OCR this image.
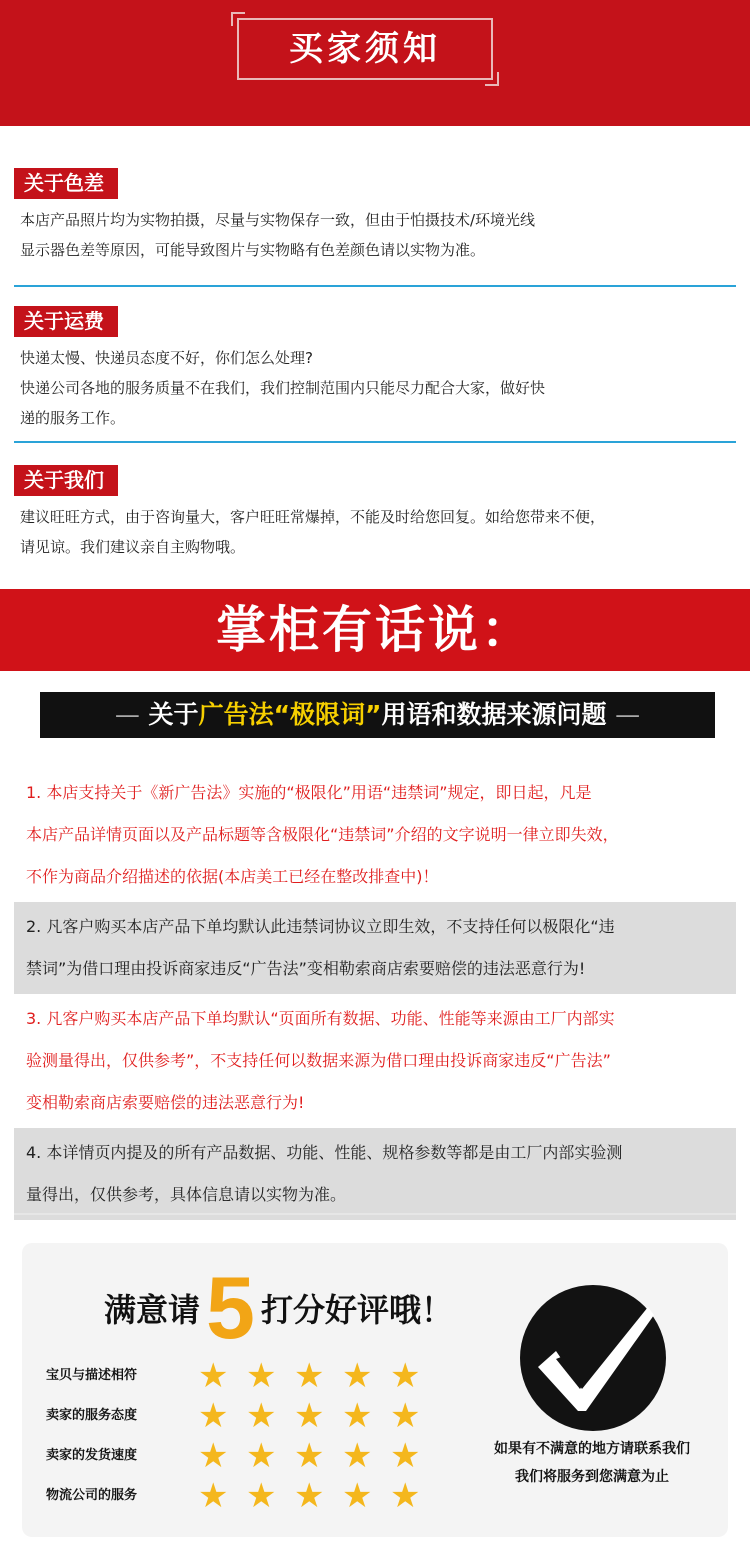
买家须知
关于色差
本店产品照片均为实物拍摄，尽量与实物保存一致，但由于怕摄技术/环境光线
显示器色差等原因，可能导致图片与实物略有色差颜色请以实物为准。
关于运费
快递太慢、快递员态度不好，你们怎么处理?
快递公司各地的服务质量不在我们，我们控制范围内只能尽力配合大家，做好快
递的服务工作。
关于我们
建议旺旺方式，由于咨询量大，客户旺旺常爆掉，不能及时给您回复。如给您带来不便，
请见谅。我们建议亲自主购物哦。
掌柜有话说：
— 关于广告法“极限词”用语和数据来源问题 —
1. 本店支持关于《新广告法》实施的“极限化”用语“违禁词”规定，即日起，凡是
本店产品详情页面以及产品标题等含极限化“违禁词”介绍的文字说明一律立即失效，
不作为商品介绍描述的依据(本店美工已经在整改排查中)！
2. 凡客户购买本店产品下单均默认此违禁词协议立即生效，不支持任何以极限化“违
禁词”为借口理由投诉商家违反“广告法”变相勒索商店索要赔偿的违法恶意行为!
3. 凡客户购买本店产品下单均默认“页面所有数据、功能、性能等来源由工厂内部实
验测量得出，仅供参考”，不支持任何以数据来源为借口理由投诉商家违反“广告法”
变相勒索商店索要赔偿的违法恶意行为!
4. 本详情页内提及的所有产品数据、功能、性能、规格参数等都是由工厂内部实验测
量得出，仅供参考，具体信息请以实物为准。
满意请5 打分好评哦！
宝贝与描述相符	★ ★ ★ ★ ★
卖家的服务态度	★ ★ ★ ★ ★
卖家的发货速度	★ ★ ★ ★ ★
物流公司的服务	★ ★ ★ ★ ★
如果有不满意的地方请联系我们
我们将服务到您满意为止
